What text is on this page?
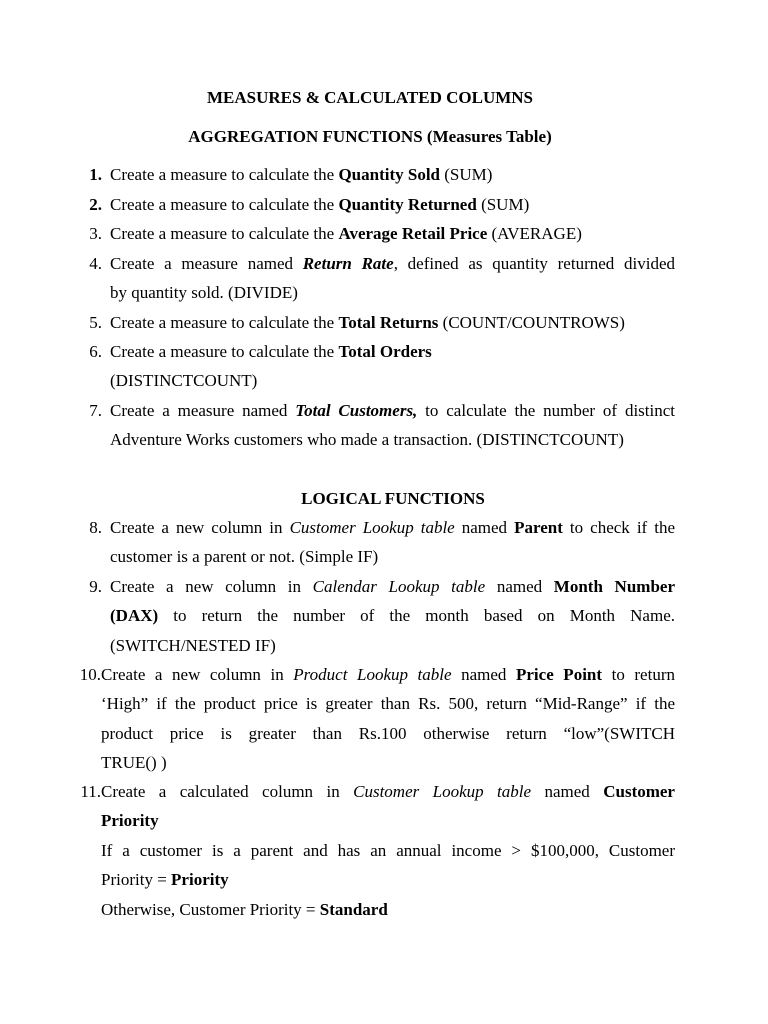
MEASURES & CALCULATED COLUMNS
AGGREGATION FUNCTIONS (Measures Table)
1. Create a measure to calculate the Quantity Sold (SUM)
2. Create a measure to calculate the Quantity Returned (SUM)
3. Create a measure to calculate the Average Retail Price (AVERAGE)
4. Create a measure named Return Rate, defined as quantity returned divided
by quantity sold. (DIVIDE)
5. Create a measure to calculate the Total Returns (COUNT/COUNTROWS)
6. Create a measure to calculate the Total Orders
(DISTINCTCOUNT)
7. Create a measure named Total Customers, to calculate the number of distinct
Adventure Works customers who made a transaction. (DISTINCTCOUNT)
LOGICAL FUNCTIONS
8. Create a new column in Customer Lookup table named Parent to check if the
customer is a parent or not. (Simple IF)
9. Create a new column in Calendar Lookup table named Month Number
(DAX) to return the number of the month based on Month Name.
(SWITCH/NESTED IF)
10. Create a new column in Product Lookup table named Price Point to return
‘High” if the product price is greater than Rs. 500, return “Mid-Range” if the
product price is greater than Rs.100 otherwise return “low”(SWITCH
TRUE() )
11. Create a calculated column in Customer Lookup table named Customer
Priority
If a customer is a parent and has an annual income > $100,000, Customer
Priority = Priority
Otherwise, Customer Priority = Standard
